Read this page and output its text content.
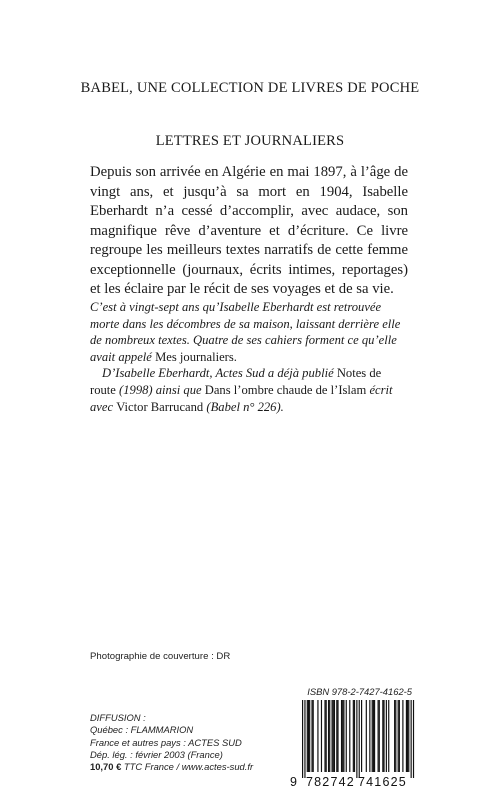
BABEL, UNE COLLECTION DE LIVRES DE POCHE
LETTRES ET JOURNALIERS

Depuis son arrivée en Algérie en mai 1897, à l’âge de vingt ans, et jusqu’à sa mort en 1904, Isabelle Eberhardt n’a cessé d’accomplir, avec audace, son magnifique rêve d’aventure et d’écriture. Ce livre regroupe les meilleurs textes narratifs de cette femme exceptionnelle (journaux, écrits intimes, reportages) et les éclaire par le récit de ses voyages et de sa vie.

C’est à vingt-sept ans qu’Isabelle Eberhardt est retrouvée morte dans les décombres de sa maison, laissant derrière elle de nombreux textes. Quatre de ses cahiers forment ce qu’elle avait appelé Mes journaliers.

D’Isabelle Eberhardt, Actes Sud a déjà publié Notes de route (1998) ainsi que Dans l’ombre chaude de l’Islam écrit avec Victor Barrucand (Babel n° 226).

Photographie de couverture : DR
ISBN 978-2-7427-4162-5
DIFFUSION :
Québec : FLAMMARION
France et autres pays : ACTES SUD
Dép. lég. : février 2003 (France)
10,70 € TTC France / www.actes-sud.fr
9 782742 741625
